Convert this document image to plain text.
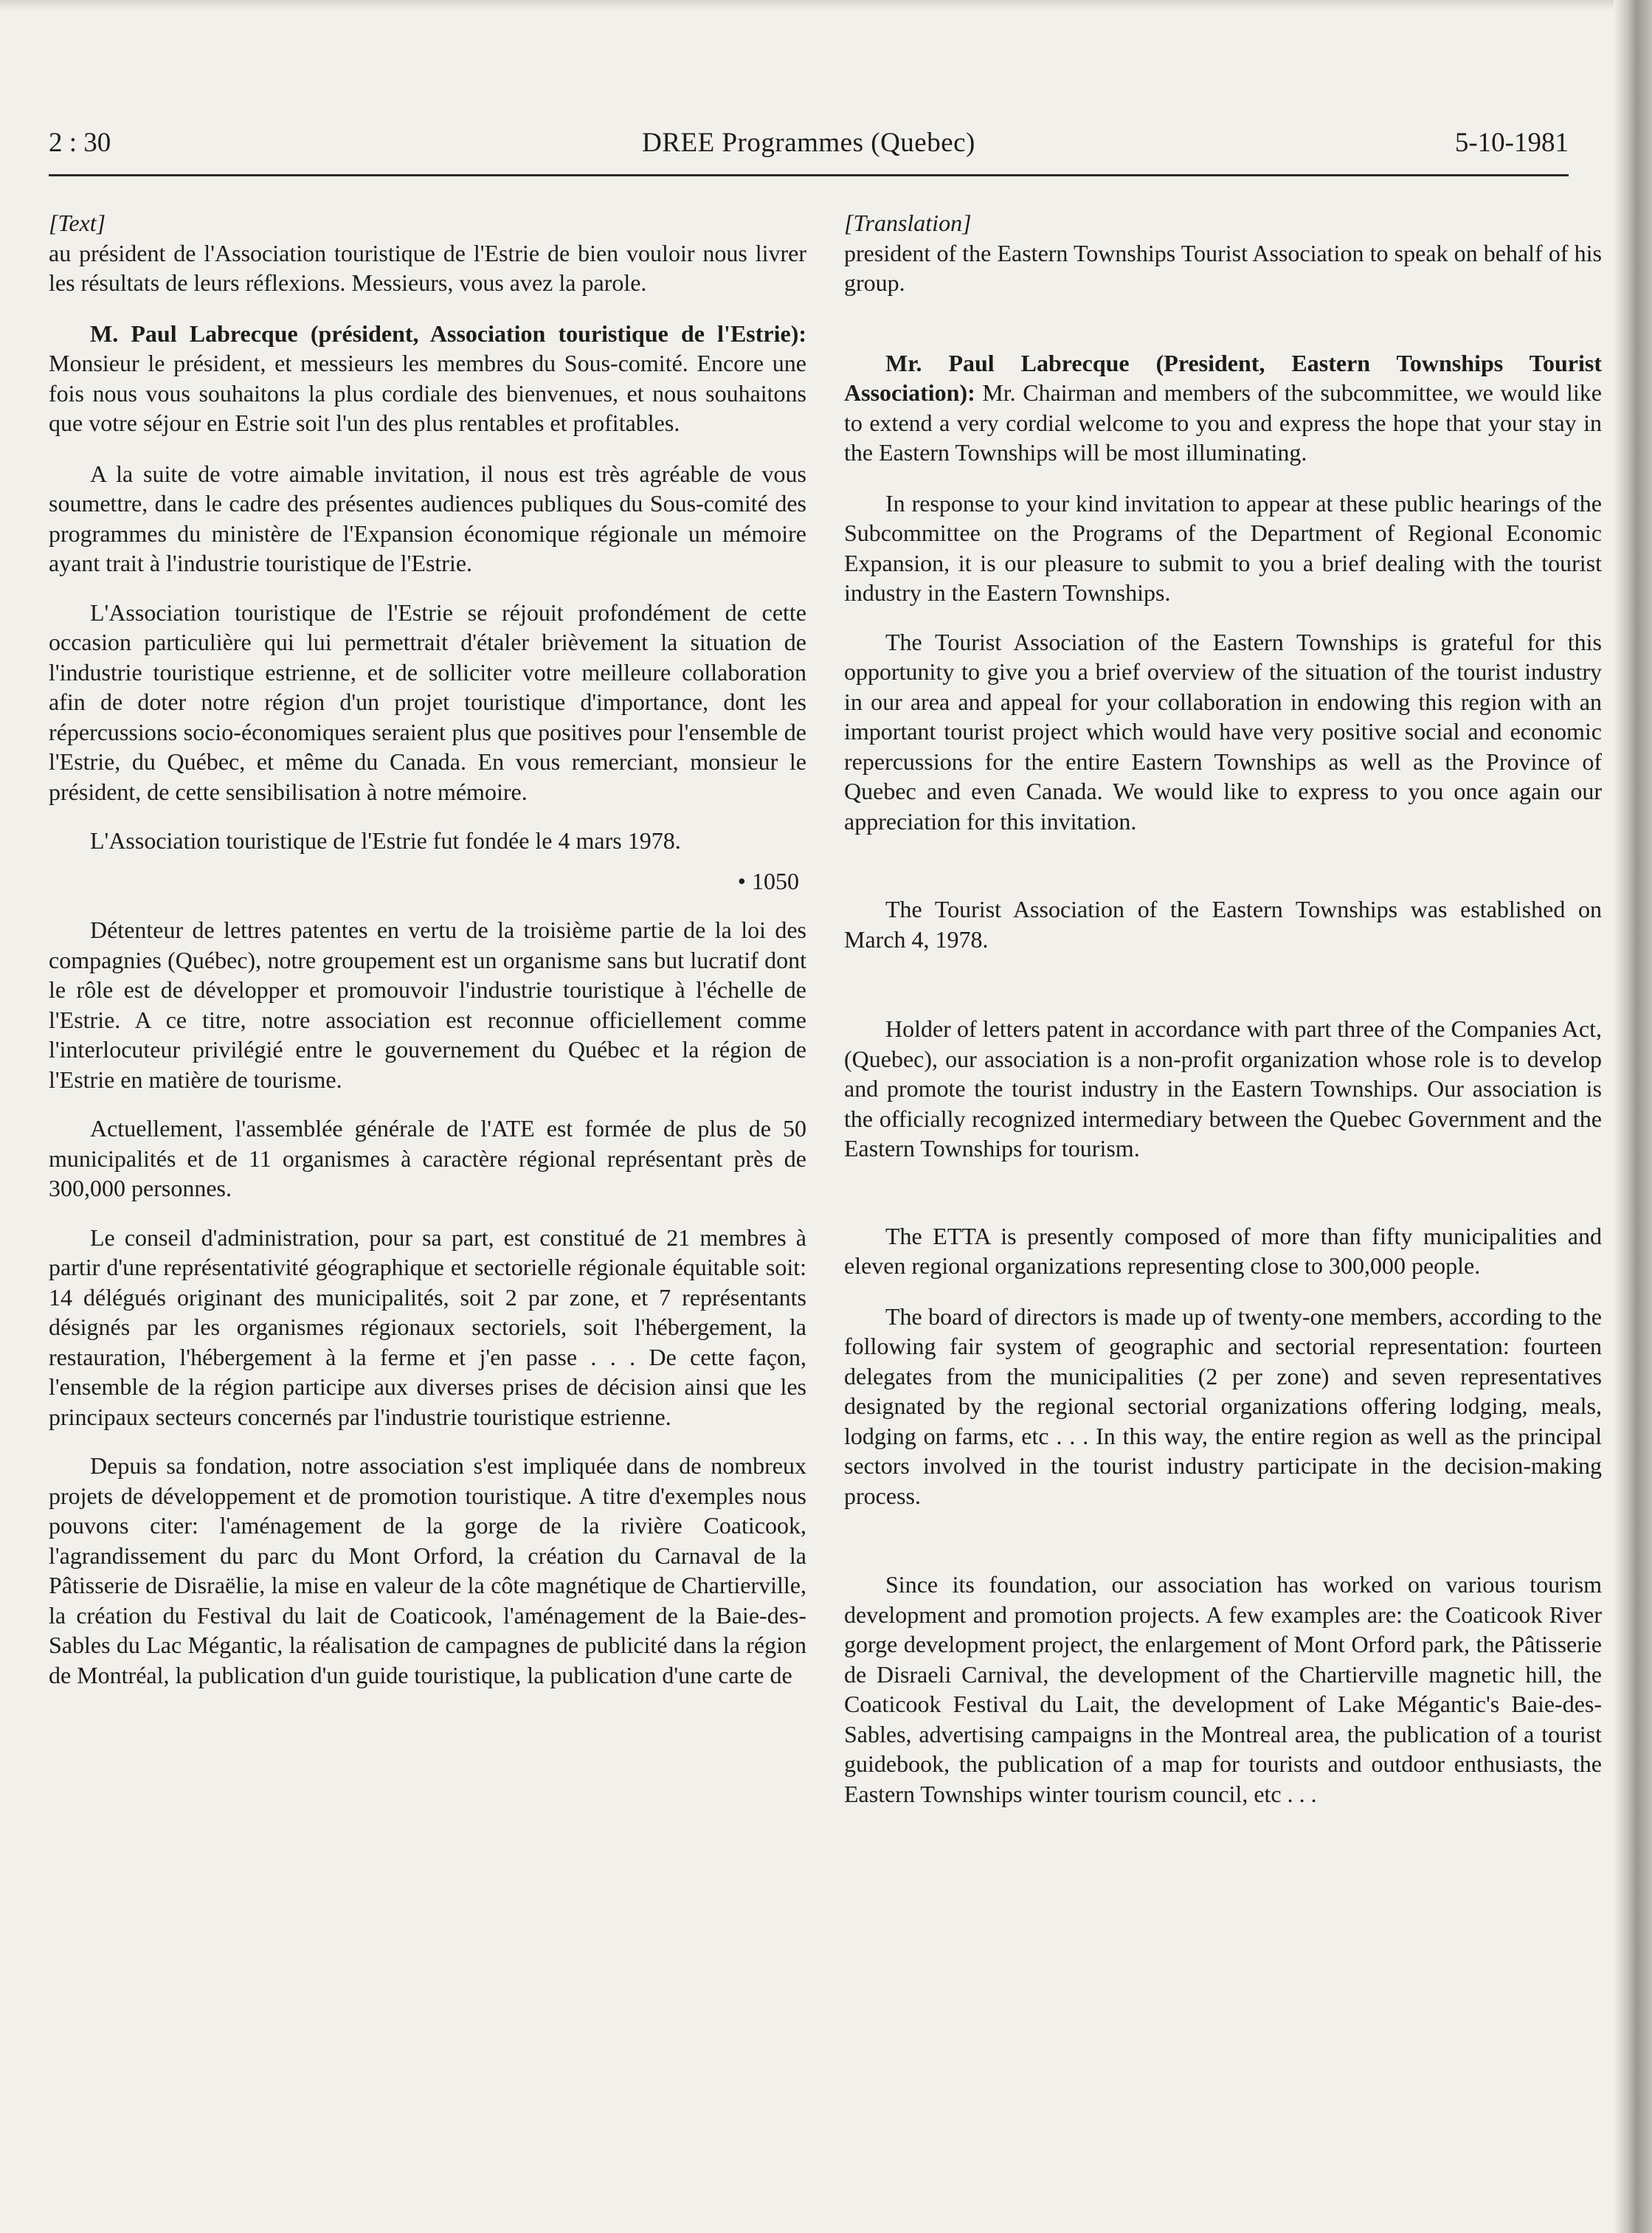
2 : 30	DREE Programmes (Quebec)	5-10-1981

[Text]

au président de l'Association touristique de l'Estrie de bien vouloir nous livrer les résultats de leurs réflexions. Messieurs, vous avez la parole.

M. Paul Labrecque (président, Association touristique de l'Estrie): Monsieur le président, et messieurs les membres du Sous-comité. Encore une fois nous vous souhaitons la plus cordiale des bienvenues, et nous souhaitons que votre séjour en Estrie soit l'un des plus rentables et profitables.

A la suite de votre aimable invitation, il nous est très agréable de vous soumettre, dans le cadre des présentes audiences publiques du Sous-comité des programmes du ministère de l'Expansion économique régionale un mémoire ayant trait à l'industrie touristique de l'Estrie.

L'Association touristique de l'Estrie se réjouit profondément de cette occasion particulière qui lui permettrait d'étaler brièvement la situation de l'industrie touristique estrienne, et de solliciter votre meilleure collaboration afin de doter notre région d'un projet touristique d'importance, dont les répercussions socio-économiques seraient plus que positives pour l'ensemble de l'Estrie, du Québec, et même du Canada. En vous remerciant, monsieur le président, de cette sensibilisation à notre mémoire.

L'Association touristique de l'Estrie fut fondée le 4 mars 1978.

• 1050

Détenteur de lettres patentes en vertu de la troisième partie de la loi des compagnies (Québec), notre groupement est un organisme sans but lucratif dont le rôle est de développer et promouvoir l'industrie touristique à l'échelle de l'Estrie. A ce titre, notre association est reconnue officiellement comme l'interlocuteur privilégié entre le gouvernement du Québec et la région de l'Estrie en matière de tourisme.

Actuellement, l'assemblée générale de l'ATE est formée de plus de 50 municipalités et de 11 organismes à caractère régional représentant près de 300,000 personnes.

Le conseil d'administration, pour sa part, est constitué de 21 membres à partir d'une représentativité géographique et sectorielle régionale équitable soit: 14 délégués originant des municipalités, soit 2 par zone, et 7 représentants désignés par les organismes régionaux sectoriels, soit l'hébergement, la restauration, l'hébergement à la ferme et j'en passe . . . De cette façon, l'ensemble de la région participe aux diverses prises de décision ainsi que les principaux secteurs concernés par l'industrie touristique estrienne.

Depuis sa fondation, notre association s'est impliquée dans de nombreux projets de développement et de promotion touristique. A titre d'exemples nous pouvons citer: l'aménagement de la gorge de la rivière Coaticook, l'agrandissement du parc du Mont Orford, la création du Carnaval de la Pâtisserie de Disraëlie, la mise en valeur de la côte magnétique de Chartierville, la création du Festival du lait de Coaticook, l'aménagement de la Baie-des-Sables du Lac Mégantic, la réalisation de campagnes de publicité dans la région de Montréal, la publication d'un guide touristique, la publication d'une carte de

[Translation]

president of the Eastern Townships Tourist Association to speak on behalf of his group.

Mr. Paul Labrecque (President, Eastern Townships Tourist Association): Mr. Chairman and members of the subcommittee, we would like to extend a very cordial welcome to you and express the hope that your stay in the Eastern Townships will be most illuminating.

In response to your kind invitation to appear at these public hearings of the Subcommittee on the Programs of the Department of Regional Economic Expansion, it is our pleasure to submit to you a brief dealing with the tourist industry in the Eastern Townships.

The Tourist Association of the Eastern Townships is grateful for this opportunity to give you a brief overview of the situation of the tourist industry in our area and appeal for your collaboration in endowing this region with an important tourist project which would have very positive social and economic repercussions for the entire Eastern Townships as well as the Province of Quebec and even Canada. We would like to express to you once again our appreciation for this invitation.

The Tourist Association of the Eastern Townships was established on March 4, 1978.

Holder of letters patent in accordance with part three of the Companies Act, (Quebec), our association is a non-profit organization whose role is to develop and promote the tourist industry in the Eastern Townships. Our association is the officially recognized intermediary between the Quebec Government and the Eastern Townships for tourism.

The ETTA is presently composed of more than fifty municipalities and eleven regional organizations representing close to 300,000 people.

The board of directors is made up of twenty-one members, according to the following fair system of geographic and sectorial representation: fourteen delegates from the municipalities (2 per zone) and seven representatives designated by the regional sectorial organizations offering lodging, meals, lodging on farms, etc . . . In this way, the entire region as well as the principal sectors involved in the tourist industry participate in the decision-making process.

Since its foundation, our association has worked on various tourism development and promotion projects. A few examples are: the Coaticook River gorge development project, the enlargement of Mont Orford park, the Pâtisserie de Disraeli Carnival, the development of the Chartierville magnetic hill, the Coaticook Festival du Lait, the development of Lake Mégantic's Baie-des-Sables, advertising campaigns in the Montreal area, the publication of a tourist guidebook, the publication of a map for tourists and outdoor enthusiasts, the Eastern Townships winter tourism council, etc . . .
